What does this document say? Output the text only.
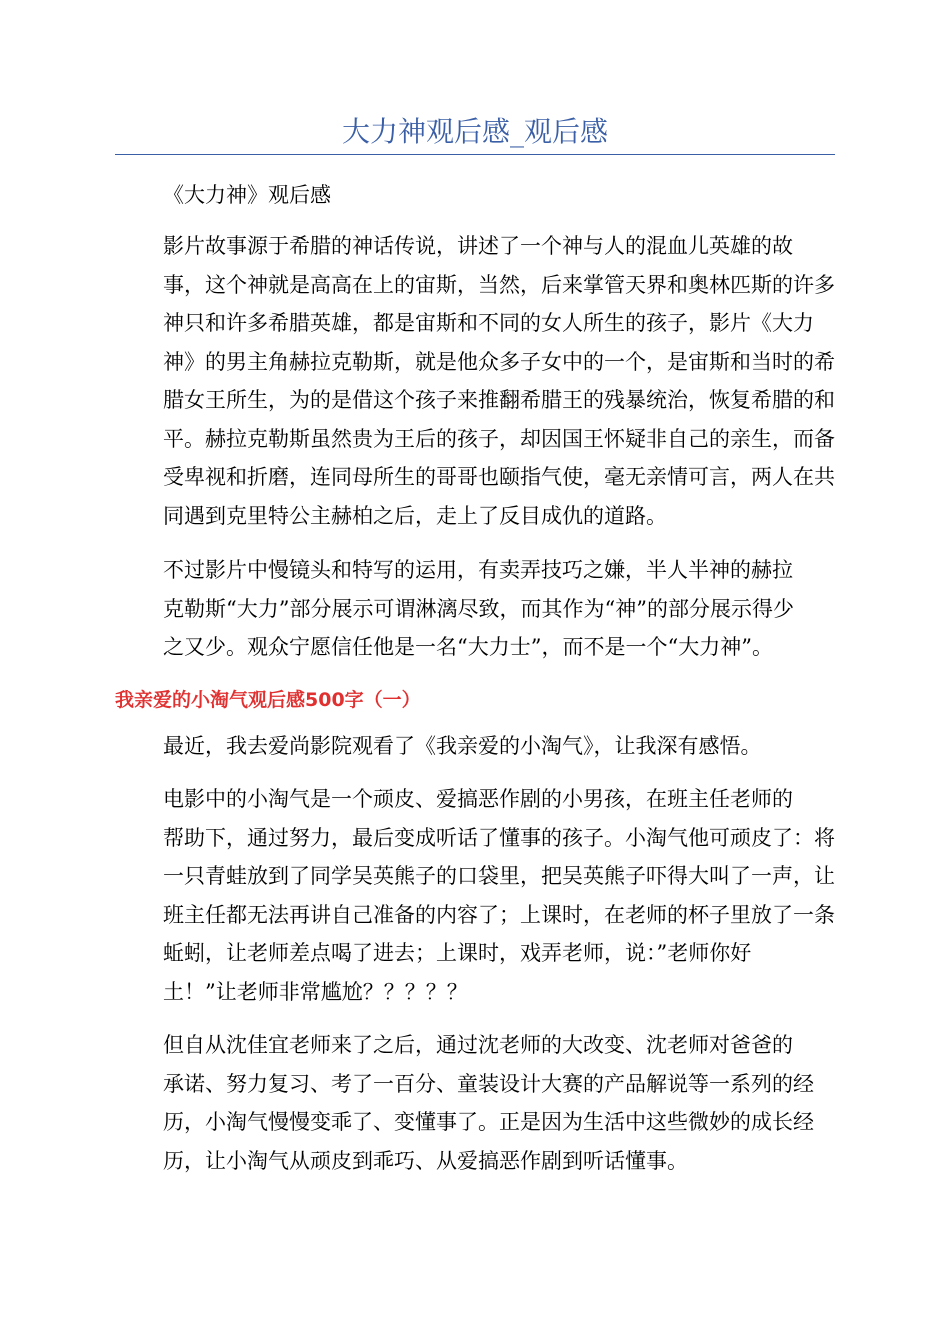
大力神观后感_观后感
《大力神》观后感
影片故事源于希腊的神话传说，讲述了一个神与人的混血儿英雄的故
事，这个神就是高高在上的宙斯，当然，后来掌管天界和奥林匹斯的许多
神只和许多希腊英雄，都是宙斯和不同的女人所生的孩子，影片《大力
神》的男主角赫拉克勒斯，就是他众多子女中的一个，是宙斯和当时的希
腊女王所生，为的是借这个孩子来推翻希腊王的残暴统治，恢复希腊的和
平。赫拉克勒斯虽然贵为王后的孩子，却因国王怀疑非自己的亲生，而备
受卑视和折磨，连同母所生的哥哥也颐指气使，毫无亲情可言，两人在共
同遇到克里特公主赫柏之后，走上了反目成仇的道路。
不过影片中慢镜头和特写的运用，有卖弄技巧之嫌，半人半神的赫拉
克勒斯“大力”部分展示可谓淋漓尽致，而其作为“神”的部分展示得少
之又少。观众宁愿信任他是一名“大力士”，而不是一个“大力神”。
我亲爱的小淘气观后感500字（一）
最近，我去爱尚影院观看了《我亲爱的小淘气》，让我深有感悟。
电影中的小淘气是一个顽皮、爱搞恶作剧的小男孩，在班主任老师的
帮助下，通过努力，最后变成听话了懂事的孩子。小淘气他可顽皮了：将
一只青蛙放到了同学吴英熊子的口袋里，把吴英熊子吓得大叫了一声，让
班主任都无法再讲自己准备的内容了；上课时，在老师的杯子里放了一条
蚯蚓，让老师差点喝了进去；上课时，戏弄老师，说：”老师你好
土！”让老师非常尴尬？？？？？
但自从沈佳宜老师来了之后，通过沈老师的大改变、沈老师对爸爸的
承诺、努力复习、考了一百分、童装设计大赛的产品解说等一系列的经
历，小淘气慢慢变乖了、变懂事了。正是因为生活中这些微妙的成长经
历，让小淘气从顽皮到乖巧、从爱搞恶作剧到听话懂事。
